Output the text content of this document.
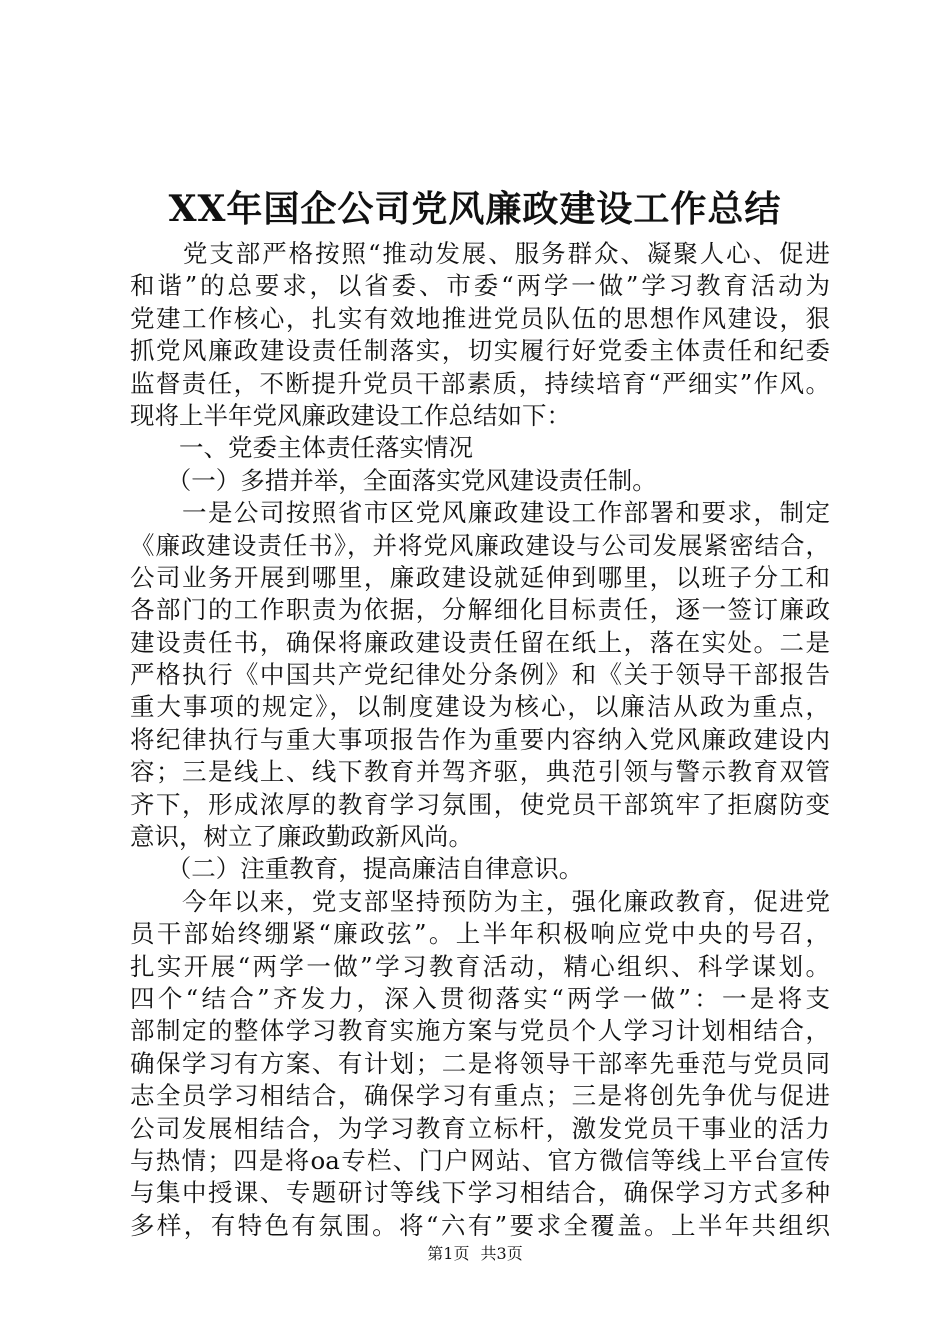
XX年国企公司党风廉政建设工作总结
　　党支部严格按照“推动发展、服务群众、凝聚人心、促进
和谐”的总要求，以省委、市委“两学一做”学习教育活动为
党建工作核心，扎实有效地推进党员队伍的思想作风建设，狠
抓党风廉政建设责任制落实，切实履行好党委主体责任和纪委
监督责任，不断提升党员干部素质，持续培育“严细实”作风。
现将上半年党风廉政建设工作总结如下：
　　一、党委主体责任落实情况
　　（一）多措并举，全面落实党风建设责任制。
　　一是公司按照省市区党风廉政建设工作部署和要求，制定
《廉政建设责任书》，并将党风廉政建设与公司发展紧密结合，
公司业务开展到哪里，廉政建设就延伸到哪里，以班子分工和
各部门的工作职责为依据，分解细化目标责任，逐一签订廉政
建设责任书，确保将廉政建设责任留在纸上，落在实处。二是
严格执行《中国共产党纪律处分条例》和《关于领导干部报告
重大事项的规定》，以制度建设为核心，以廉洁从政为重点，
将纪律执行与重大事项报告作为重要内容纳入党风廉政建设内
容；三是线上、线下教育并驾齐驱，典范引领与警示教育双管
齐下，形成浓厚的教育学习氛围，使党员干部筑牢了拒腐防变
意识，树立了廉政勤政新风尚。
　　（二）注重教育，提高廉洁自律意识。
　　今年以来，党支部坚持预防为主，强化廉政教育，促进党
员干部始终绷紧“廉政弦”。上半年积极响应党中央的号召，
扎实开展“两学一做”学习教育活动，精心组织、科学谋划。
四个“结合”齐发力，深入贯彻落实“两学一做”：一是将支
部制定的整体学习教育实施方案与党员个人学习计划相结合，
确保学习有方案、有计划；二是将领导干部率先垂范与党员同
志全员学习相结合，确保学习有重点；三是将创先争优与促进
公司发展相结合，为学习教育立标杆，激发党员干事业的活力
与热情；四是将oa专栏、门户网站、官方微信等线上平台宣传
与集中授课、专题研讨等线下学习相结合，确保学习方式多种
多样，有特色有氛围。将“六有”要求全覆盖。上半年共组织
第1页 共3页
